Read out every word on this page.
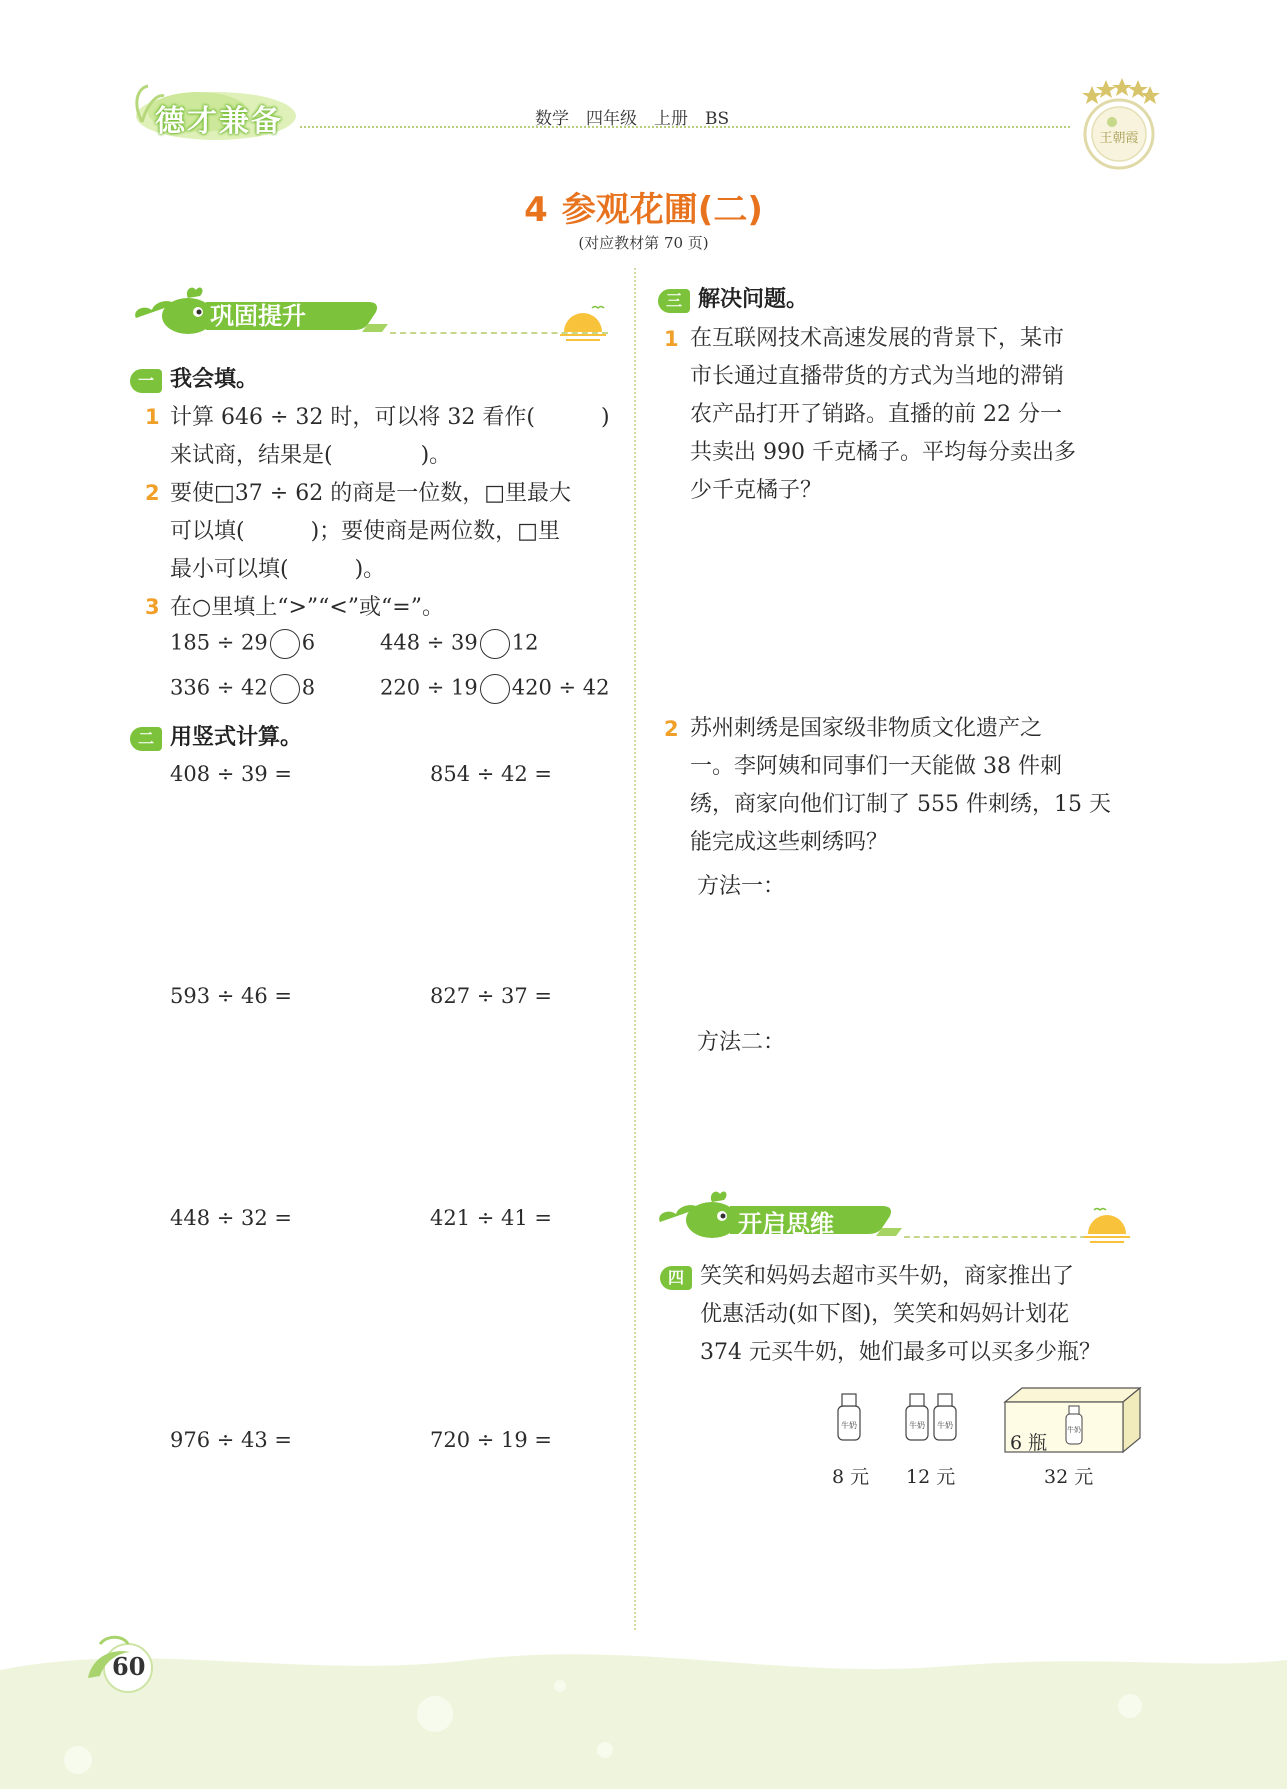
德才兼备	数学　四年级　上册　BS
王朝霞
4 参观花圃(二)
(对应教材第 70 页)
巩固提升
一 我会填。
1 计算 646 ÷ 32 时，可以将 32 看作(　　　)
来试商，结果是(　　　　)。
2 要使□37 ÷ 62 的商是一位数，□里最大
可以填(　　　)；要使商是两位数，□里
最小可以填(　　　)。
3 在○里填上“>”“<”或“=”。
185 ÷ 29 6	448 ÷ 39 12
336 ÷ 42 8	220 ÷ 19 420 ÷ 42
二 用竖式计算。
408 ÷ 39 =	854 ÷ 42 =
593 ÷ 46 =	827 ÷ 37 =
448 ÷ 32 =	421 ÷ 41 =
976 ÷ 43 =	720 ÷ 19 =
三 解决问题。
1 在互联网技术高速发展的背景下，某市
市长通过直播带货的方式为当地的滞销
农产品打开了销路。直播的前 22 分一
共卖出 990 千克橘子。平均每分卖出多
少千克橘子？
2 苏州刺绣是国家级非物质文化遗产之
一。李阿姨和同事们一天能做 38 件刺
绣，商家向他们订制了 555 件刺绣，15 天
能完成这些刺绣吗？
方法一：
方法二：
开启思维
四 笑笑和妈妈去超市买牛奶，商家推出了
优惠活动(如下图)，笑笑和妈妈计划花
374 元买牛奶，她们最多可以买多少瓶？
牛奶	牛奶 牛奶	牛奶
6 瓶
8 元 12 元	32 元
60
